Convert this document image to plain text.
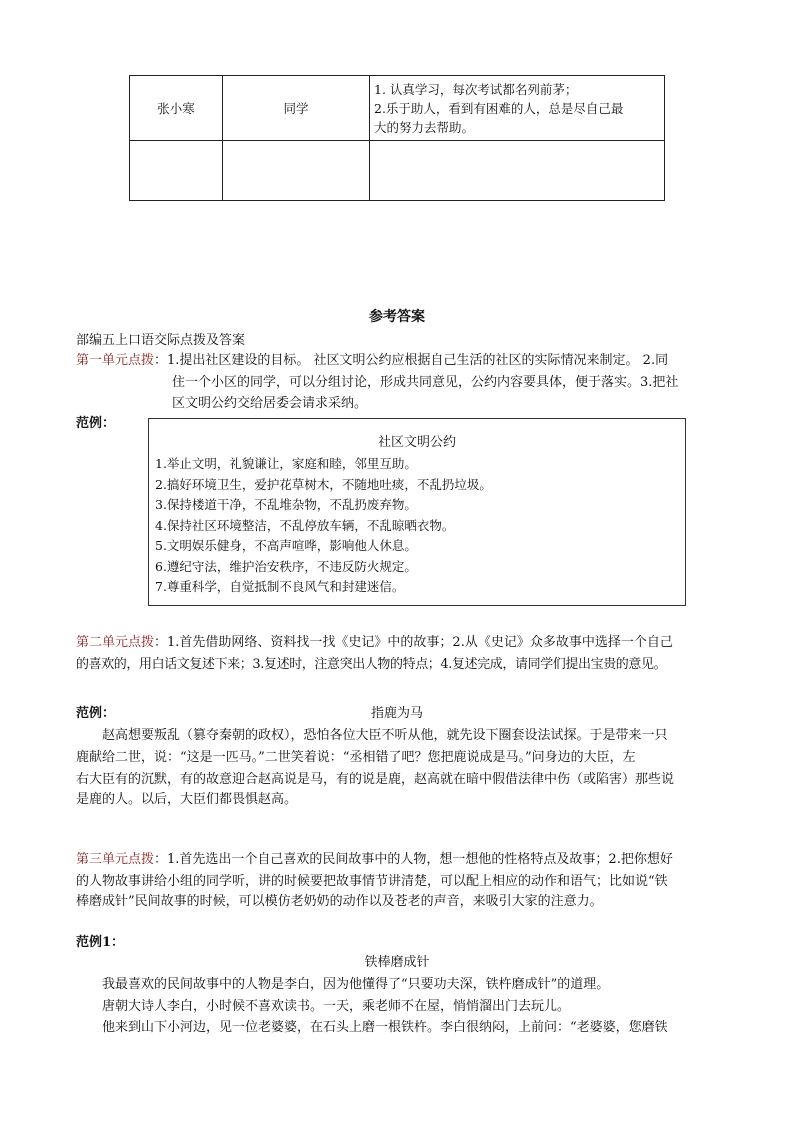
张小寒	同学	1. 认真学习，每次考试都名列前茅；
2.乐于助人，看到有困难的人，总是尽自己最
大的努力去帮助。

参考答案
部编五上口语交际点拨及答案
第一单元点拨：1.提出社区建设的目标。 社区文明公约应根据自己生活的社区的实际情况来制定。 2.同
住一个小区的同学，可以分组讨论，形成共同意见，公约内容要具体，便于落实。3.把社
区文明公约交给居委会请求采纳。
范例：
社区文明公约
1.举止文明，礼貌谦让，家庭和睦，邻里互助。
2.搞好环境卫生，爱护花草树木，不随地吐痰，不乱扔垃圾。
3.保持楼道干净，不乱堆杂物，不乱扔废弃物。
4.保持社区环境整洁，不乱停放车辆，不乱晾晒衣物。
5.文明娱乐健身，不高声喧哗，影响他人休息。
6.遵纪守法，维护治安秩序，不违反防火规定。
7.尊重科学，自觉抵制不良风气和封建迷信。
第二单元点拨：1.首先借助网络、资料找一找《史记》中的故事；2.从《史记》众多故事中选择一个自己
的喜欢的，用白话文复述下来；3.复述时，注意突出人物的特点；4.复述完成，请同学们提出宝贵的意见。
范例：	指鹿为马
赵高想要叛乱（篡夺秦朝的政权），恐怕各位大臣不听从他，就先设下圈套设法试探。于是带来一只
鹿献给二世，说：“这是一匹马。”二世笑着说：“丞相错了吧？您把鹿说成是马。”问身边的大臣，左
右大臣有的沉默，有的故意迎合赵高说是马，有的说是鹿，赵高就在暗中假借法律中伤（或陷害）那些说
是鹿的人。以后，大臣们都畏惧赵高。
第三单元点拨：1.首先选出一个自己喜欢的民间故事中的人物，想一想他的性格特点及故事；2.把你想好
的人物故事讲给小组的同学听，讲的时候要把故事情节讲清楚，可以配上相应的动作和语气；比如说“铁
棒磨成针”民间故事的时候，可以模仿老奶奶的动作以及苍老的声音，来吸引大家的注意力。
范例1：
铁棒磨成针
我最喜欢的民间故事中的人物是李白，因为他懂得了“只要功夫深，铁杵磨成针”的道理。
唐朝大诗人李白，小时候不喜欢读书。一天，乘老师不在屋，悄悄溜出门去玩儿。
他来到山下小河边，见一位老婆婆，在石头上磨一根铁杵。李白很纳闷，上前问：“老婆婆，您磨铁
